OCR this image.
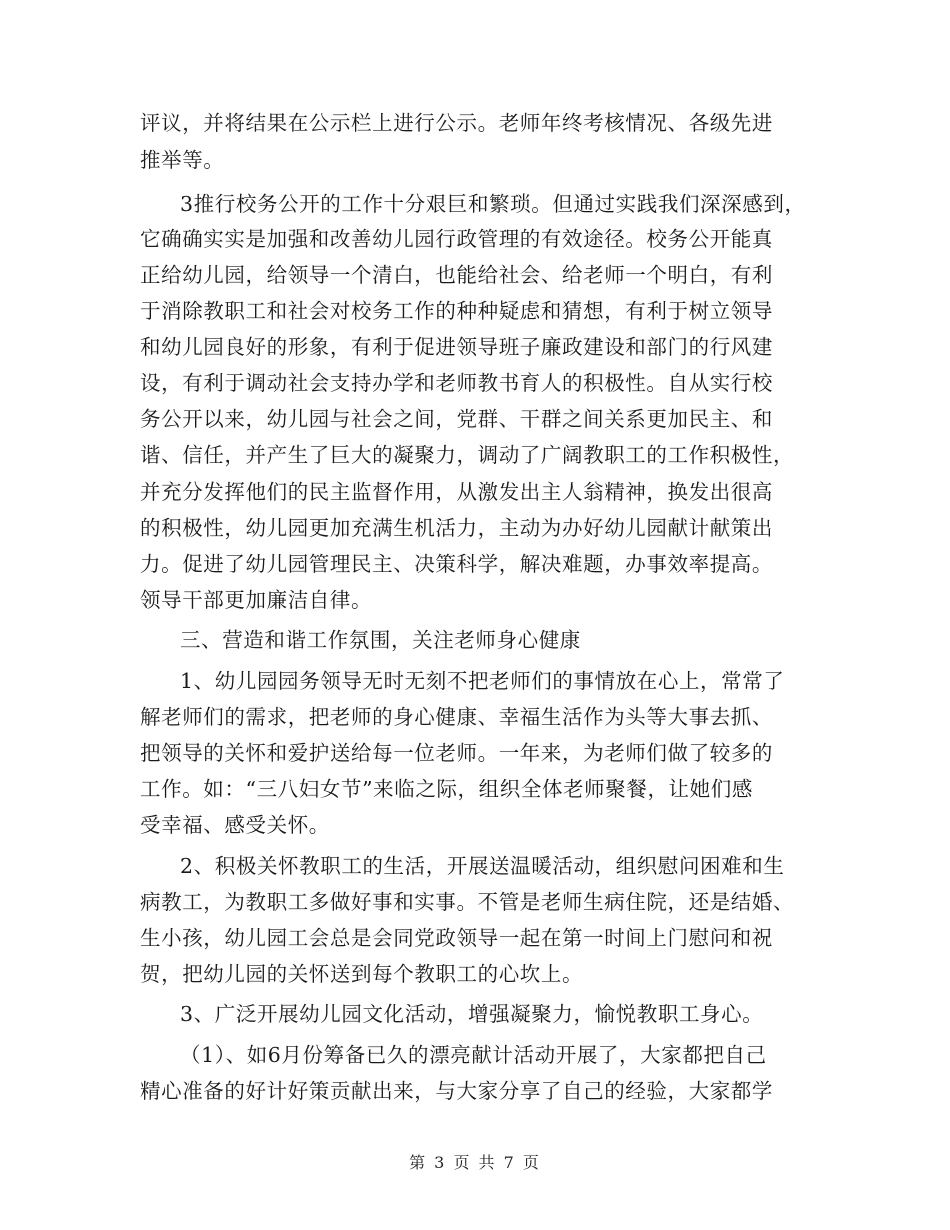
评议，并将结果在公示栏上进行公示。老师年终考核情况、各级先进
推举等。
3推行校务公开的工作十分艰巨和繁琐。但通过实践我们深深感到，
它确确实实是加强和改善幼儿园行政管理的有效途径。校务公开能真
正给幼儿园，给领导一个清白，也能给社会、给老师一个明白，有利
于消除教职工和社会对校务工作的种种疑虑和猜想，有利于树立领导
和幼儿园良好的形象，有利于促进领导班子廉政建设和部门的行风建
设，有利于调动社会支持办学和老师教书育人的积极性。自从实行校
务公开以来，幼儿园与社会之间，党群、干群之间关系更加民主、和
谐、信任，并产生了巨大的凝聚力，调动了广阔教职工的工作积极性，
并充分发挥他们的民主监督作用，从激发出主人翁精神，换发出很高
的积极性，幼儿园更加充满生机活力，主动为办好幼儿园献计献策出
力。促进了幼儿园管理民主、决策科学，解决难题，办事效率提高。
领导干部更加廉洁自律。
三、营造和谐工作氛围，关注老师身心健康
1、幼儿园园务领导无时无刻不把老师们的事情放在心上，常常了
解老师们的需求，把老师的身心健康、幸福生活作为头等大事去抓、
把领导的关怀和爱护送给每一位老师。一年来，为老师们做了较多的
工作。如：“三八妇女节”来临之际，组织全体老师聚餐，让她们感
受幸福、感受关怀。
2、积极关怀教职工的生活，开展送温暖活动，组织慰问困难和生
病教工，为教职工多做好事和实事。不管是老师生病住院，还是结婚、
生小孩，幼儿园工会总是会同党政领导一起在第一时间上门慰问和祝
贺，把幼儿园的关怀送到每个教职工的心坎上。
3、广泛开展幼儿园文化活动，增强凝聚力，愉悦教职工身心。
（1）、如6月份筹备已久的漂亮献计活动开展了，大家都把自己
精心准备的好计好策贡献出来，与大家分享了自己的经验，大家都学
第 3 页 共 7 页
